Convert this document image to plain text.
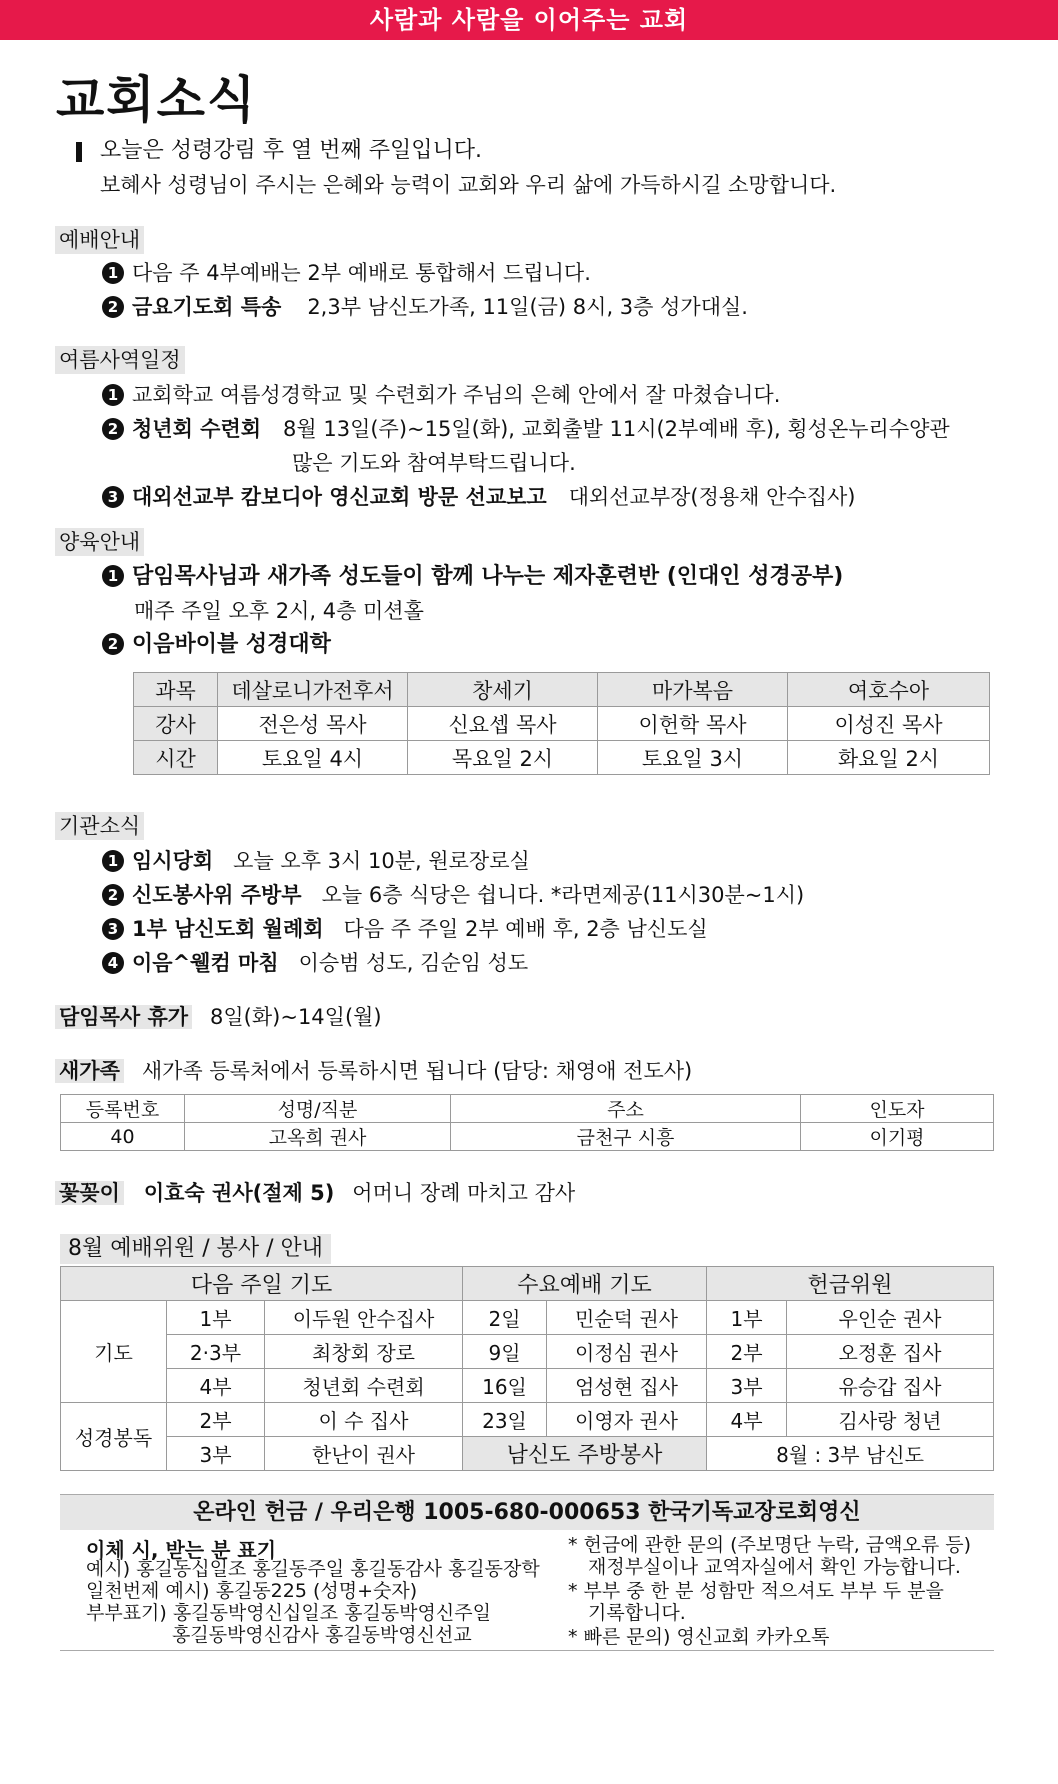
사람과 사람을 이어주는 교회
교회소식
오늘은 성령강림 후 열 번째 주일입니다.
보혜사 성령님이 주시는 은혜와 능력이 교회와 우리 삶에 가득하시길 소망합니다.
예배안내
1 다음 주 4부예배는 2부 예배로 통합해서 드립니다.
2 금요기도회 특송 2,3부 남신도가족, 11일(금) 8시, 3층 성가대실.
여름사역일정
1 교회학교 여름성경학교 및 수련회가 주님의 은혜 안에서 잘 마쳤습니다.
2 청년회 수련회 8월 13일(주)~15일(화), 교회출발 11시(2부예배 후), 횡성온누리수양관
많은 기도와 참여부탁드립니다.
3 대외선교부 캄보디아 영신교회 방문 선교보고 대외선교부장(정용채 안수집사)
양육안내
1 담임목사님과 새가족 성도들이 함께 나누는 제자훈련반 (인대인 성경공부)
매주 주일 오후 2시, 4층 미션홀
2 이음바이블 성경대학
과목	데살로니가전후서	창세기	마가복음	여호수아
강사	전은성 목사	신요셉 목사	이헌학 목사	이성진 목사
시간	토요일 4시	목요일 2시	토요일 3시	화요일 2시
기관소식
1 임시당회 오늘 오후 3시 10분, 원로장로실
2 신도봉사위 주방부 오늘 6층 식당은 쉽니다. *라면제공(11시30분~1시)
3 1부 남신도회 월례회 다음 주 주일 2부 예배 후, 2층 남신도실
4 이음^웰컴 마침 이승범 성도, 김순임 성도
담임목사 휴가 8일(화)~14일(월)
새가족 새가족 등록처에서 등록하시면 됩니다 (담당: 채영애 전도사)
등록번호	성명/직분	주소	인도자
40	고옥희 권사	금천구 시흥	이기평
꽃꽂이 이효숙 권사(절제 5) 어머니 장례 마치고 감사
8월 예배위원 / 봉사 / 안내
다음 주일 기도			수요예배 기도		헌금위원	
기도	1부	이두원 안수집사	2일	민순덕 권사	1부	우인순 권사
	2·3부	최창회 장로	9일	이정심 권사	2부	오정훈 집사
	4부	청년회 수련회	16일	엄성현 집사	3부	유승갑 집사
성경봉독	2부	이 수 집사	23일	이영자 권사	4부	김사랑 청년
	3부	한난이 권사	남신도 주방봉사		8월 : 3부 남신도	
온라인 헌금 / 우리은행 1005-680-000653 한국기독교장로회영신
이체 시, 받는 분 표기
예시) 홍길동십일조 홍길동주일 홍길동감사 홍길동장학
일천번제 예시) 홍길동225 (성명+숫자)
부부표기) 홍길동박영신십일조 홍길동박영신주일
홍길동박영신감사 홍길동박영신선교
* 헌금에 관한 문의 (주보명단 누락, 금액오류 등)
재정부실이나 교역자실에서 확인 가능합니다.
* 부부 중 한 분 성함만 적으셔도 부부 두 분을
기록합니다.
* 빠른 문의) 영신교회 카카오톡
